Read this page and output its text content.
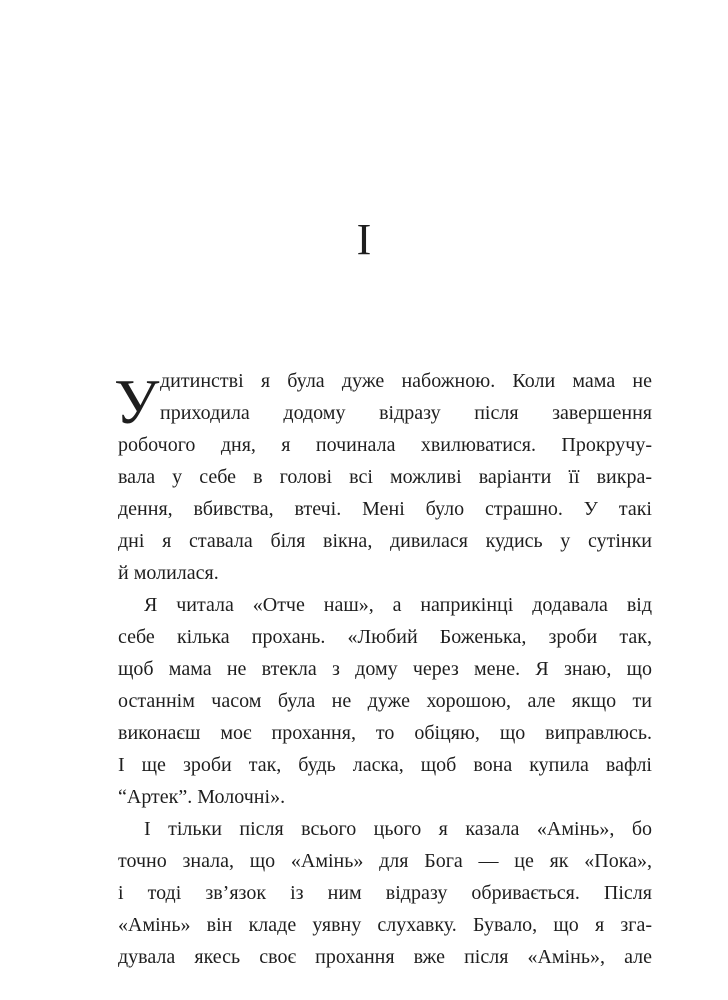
I
У дитинстві я була дуже набожною. Коли мама не
приходила додому відразу після завершення
робочого дня, я починала хвилюватися. Прокручу-
вала у себе в голові всі можливі варіанти її викра-
дення, вбивства, втечі. Мені було страшно. У такі
дні я ставала біля вікна, дивилася кудись у сутінки
й молилася.
Я читала «Отче наш», а наприкінці додавала від
себе кілька прохань. «Любий Боженька, зроби так,
щоб мама не втекла з дому через мене. Я знаю, що
останнім часом була не дуже хорошою, але якщо ти
виконаєш моє прохання, то обіцяю, що виправлюсь.
І ще зроби так, будь ласка, щоб вона купила вафлі
“Артек”. Молочні».
І тільки після всього цього я казала «Амінь», бо
точно знала, що «Амінь» для Бога — це як «Пока»,
і тоді зв’язок із ним відразу обривається. Після
«Амінь» він кладе уявну слухавку. Бувало, що я зга-
дувала якесь своє прохання вже після «Амінь», але
